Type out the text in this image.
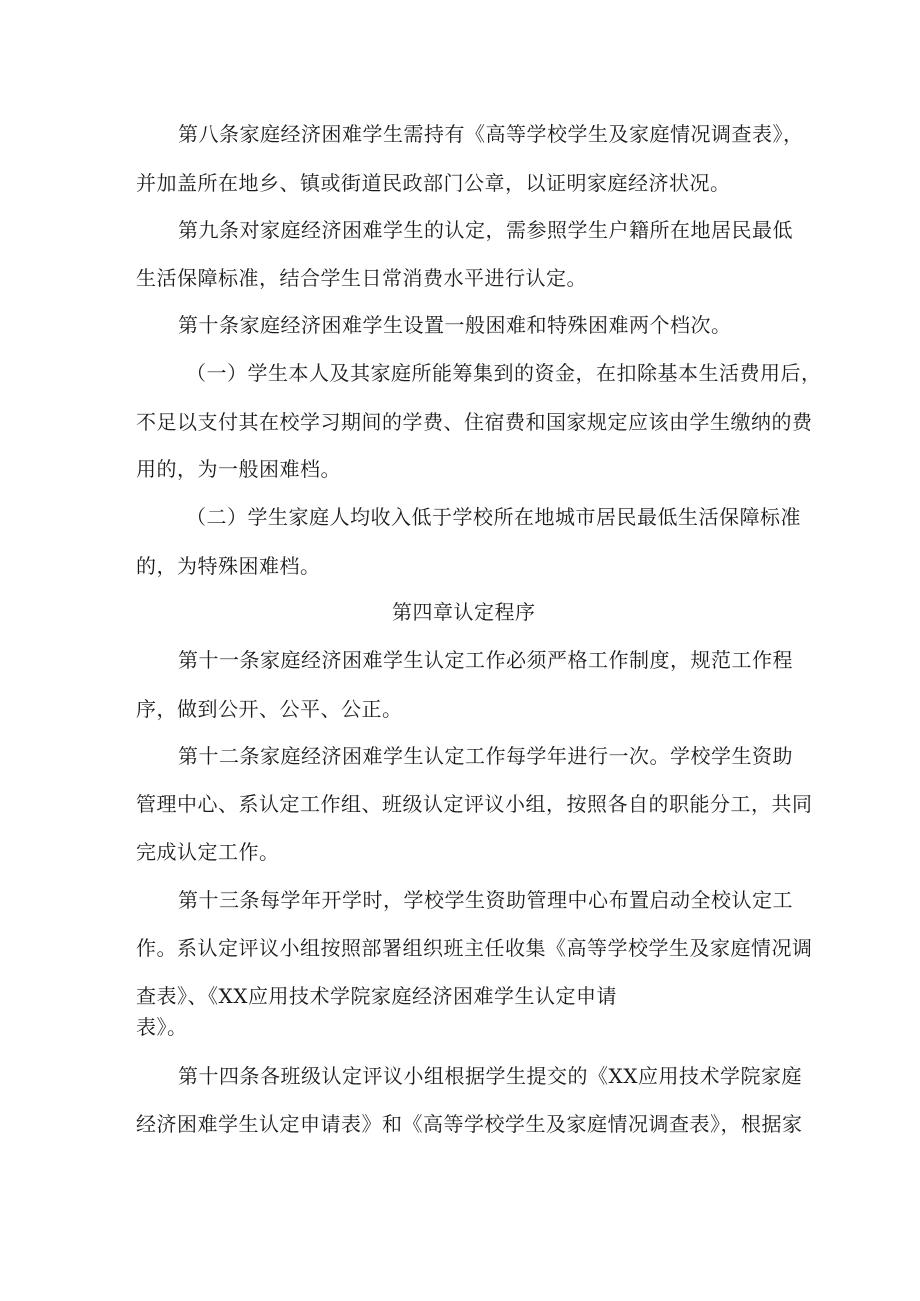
第八条家庭经济困难学生需持有《高等学校学生及家庭情况调查表》，
并加盖所在地乡、镇或街道民政部门公章，以证明家庭经济状况。
第九条对家庭经济困难学生的认定，需参照学生户籍所在地居民最低
生活保障标准，结合学生日常消费水平进行认定。
第十条家庭经济困难学生设置一般困难和特殊困难两个档次。
（一）学生本人及其家庭所能筹集到的资金，在扣除基本生活费用后，
不足以支付其在校学习期间的学费、住宿费和国家规定应该由学生缴纳的费
用的，为一般困难档。
（二）学生家庭人均收入低于学校所在地城市居民最低生活保障标准
的，为特殊困难档。
第四章认定程序
第十一条家庭经济困难学生认定工作必须严格工作制度，规范工作程
序，做到公开、公平、公正。
第十二条家庭经济困难学生认定工作每学年进行一次。学校学生资助
管理中心、系认定工作组、班级认定评议小组，按照各自的职能分工，共同
完成认定工作。
第十三条每学年开学时，学校学生资助管理中心布置启动全校认定工
作。系认定评议小组按照部署组织班主任收集《高等学校学生及家庭情况调
查表》、《XX应用技术学院家庭经济困难学生认定申请
表》。
第十四条各班级认定评议小组根据学生提交的《XX应用技术学院家庭
经济困难学生认定申请表》和《高等学校学生及家庭情况调查表》，根据家
